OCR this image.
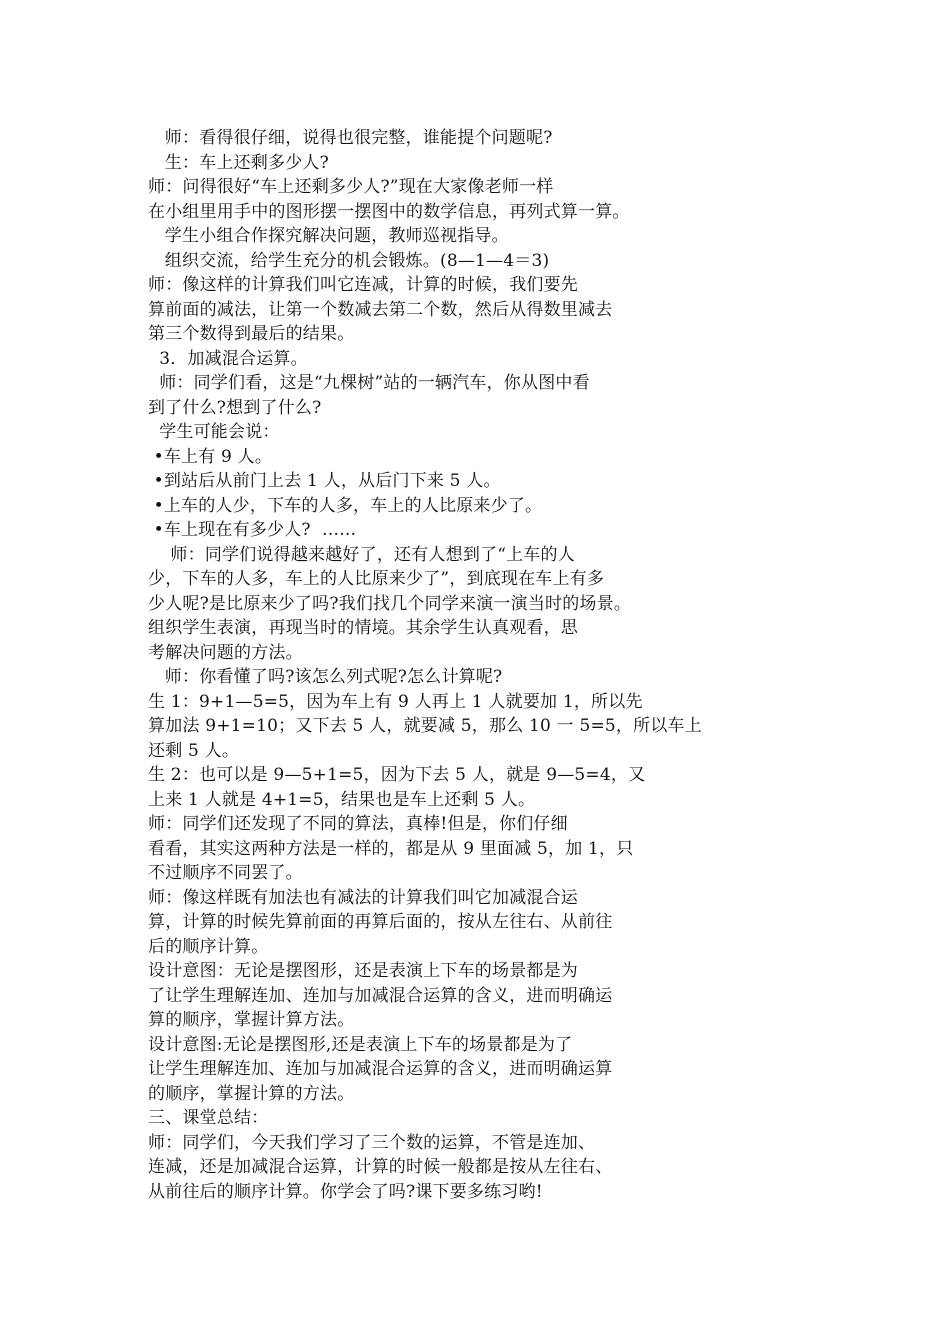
师：看得很仔细，说得也很完整，谁能提个问题呢?
生：车上还剩多少人?
师：问得很好“车上还剩多少人?”现在大家像老师一样
在小组里用手中的图形摆一摆图中的数学信息，再列式算一算。
学生小组合作探究解决问题，教师巡视指导。
组织交流，给学生充分的机会锻炼。(8—1—4＝3)
师：像这样的计算我们叫它连减，计算的时候，我们要先
算前面的减法，让第一个数减去第二个数，然后从得数里减去
第三个数得到最后的结果。
3．加减混合运算。
师：同学们看，这是“九棵树”站的一辆汽车，你从图中看
到了什么?想到了什么?
学生可能会说：
•车上有 9 人。
•到站后从前门上去 1 人，从后门下来 5 人。
•上车的人少，下车的人多，车上的人比原来少了。
•车上现在有多少人?  ……
师：同学们说得越来越好了，还有人想到了“上车的人
少，下车的人多，车上的人比原来少了”，到底现在车上有多
少人呢?是比原来少了吗?我们找几个同学来演一演当时的场景。
组织学生表演，再现当时的情境。其余学生认真观看，思
考解决问题的方法。
师：你看懂了吗?该怎么列式呢?怎么计算呢?
生 1：9+1—5=5，因为车上有 9 人再上 1 人就要加 1，所以先
算加法 9+1=10；又下去 5 人，就要减 5，那么 10 一 5=5，所以车上
还剩 5 人。
生 2：也可以是 9—5+1=5，因为下去 5 人，就是 9—5=4，又
上来 1 人就是 4+1=5，结果也是车上还剩 5 人。
师：同学们还发现了不同的算法，真棒!但是，你们仔细
看看，其实这两种方法是一样的，都是从 9 里面减 5，加 1，只
不过顺序不同罢了。
师：像这样既有加法也有减法的计算我们叫它加减混合运
算，计算的时候先算前面的再算后面的，按从左往右、从前往
后的顺序计算。
设计意图：无论是摆图形，还是表演上下车的场景都是为
了让学生理解连加、连加与加减混合运算的含义，进而明确运
算的顺序，掌握计算方法。
设计意图:无论是摆图形,还是表演上下车的场景都是为了
让学生理解连加、连加与加减混合运算的含义，进而明确运算
的顺序，掌握计算的方法。
三、课堂总结：
师：同学们，今天我们学习了三个数的运算，不管是连加、
连减，还是加减混合运算，计算的时候一般都是按从左往右、
从前往后的顺序计算。你学会了吗?课下要多练习哟!
